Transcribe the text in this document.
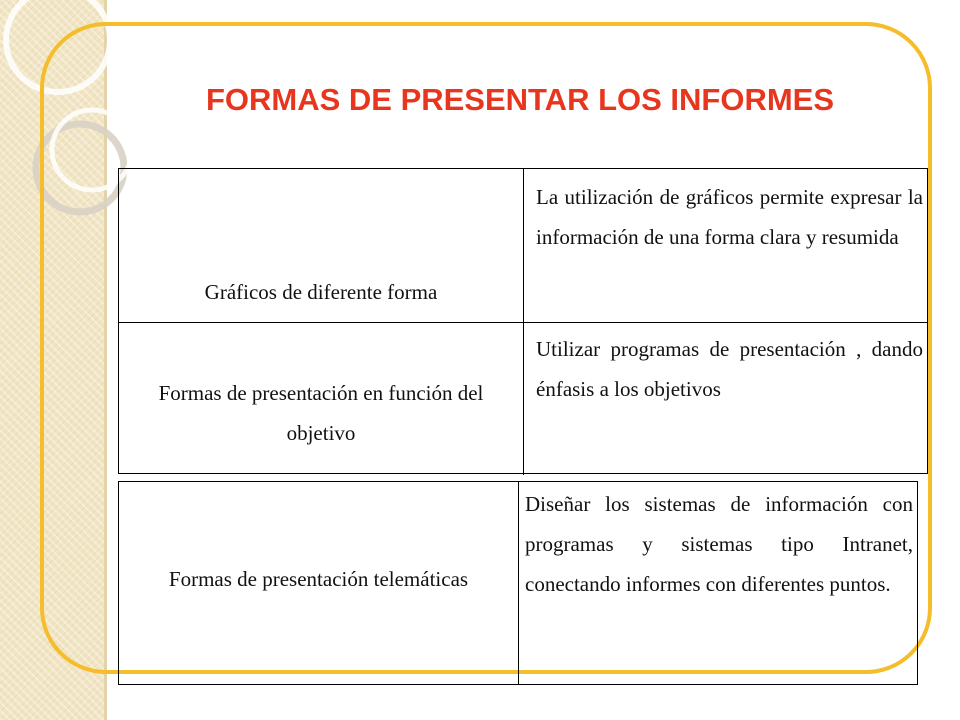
FORMAS DE PRESENTAR LOS INFORMES
Gráficos de diferente forma
La utilización de gráficos permite expresar la información de una forma clara y resumida
Formas de presentación en función del objetivo
Utilizar programas de presentación , dando énfasis a los objetivos
Formas de presentación telemáticas
Diseñar los sistemas de información con programas y sistemas tipo Intranet, conectando informes con diferentes puntos.
